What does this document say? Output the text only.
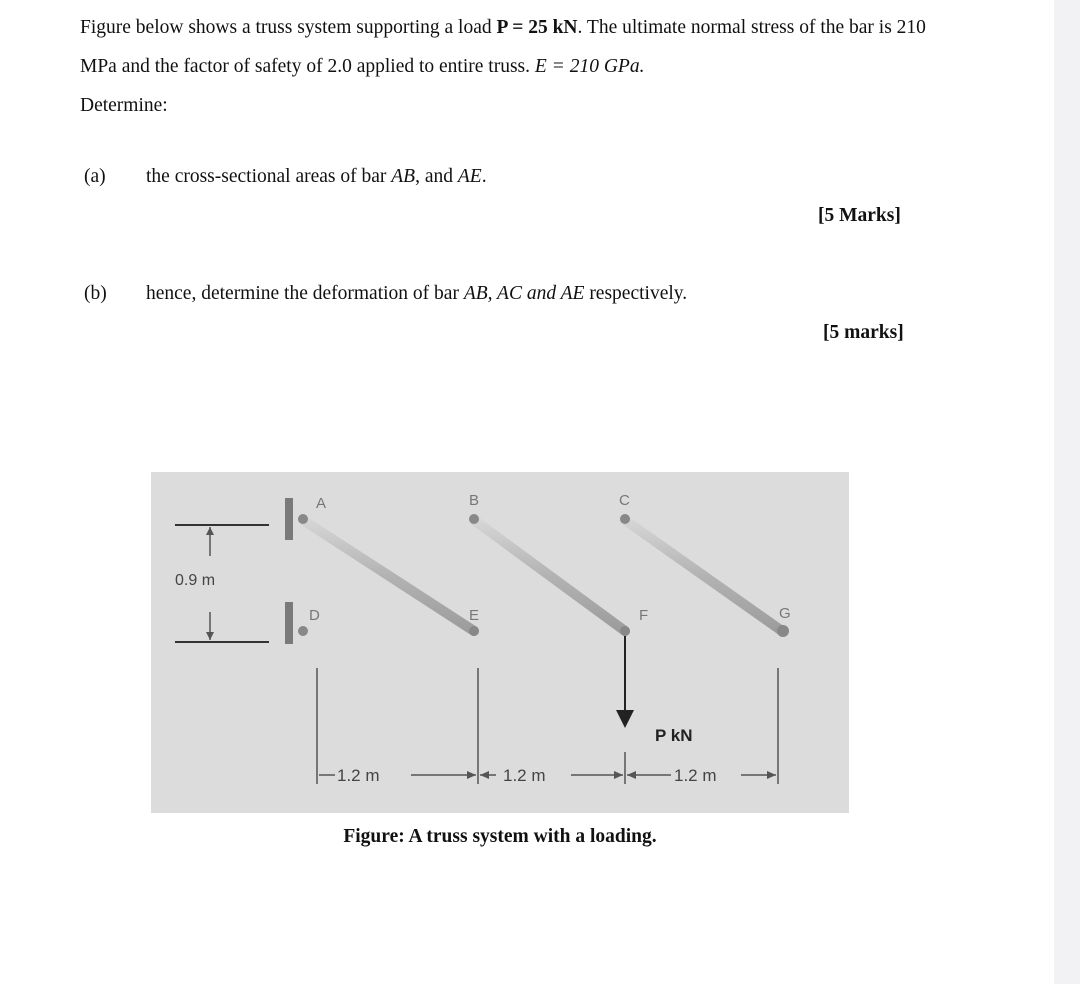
Figure below shows a truss system supporting a load P = 25 kN. The ultimate normal stress of the bar is 210 MPa and the factor of safety of 2.0 applied to entire truss. E = 210 GPa.
Determine:
(a) the cross-sectional areas of bar AB, and AE.
[5 Marks]
(b) hence, determine the deformation of bar AB, AC and AE respectively.
[5 marks]
A	B	C
D	E	F	G
0.9 m
P kN
1.2 m	1.2 m	1.2 m
Figure: A truss system with a loading.
